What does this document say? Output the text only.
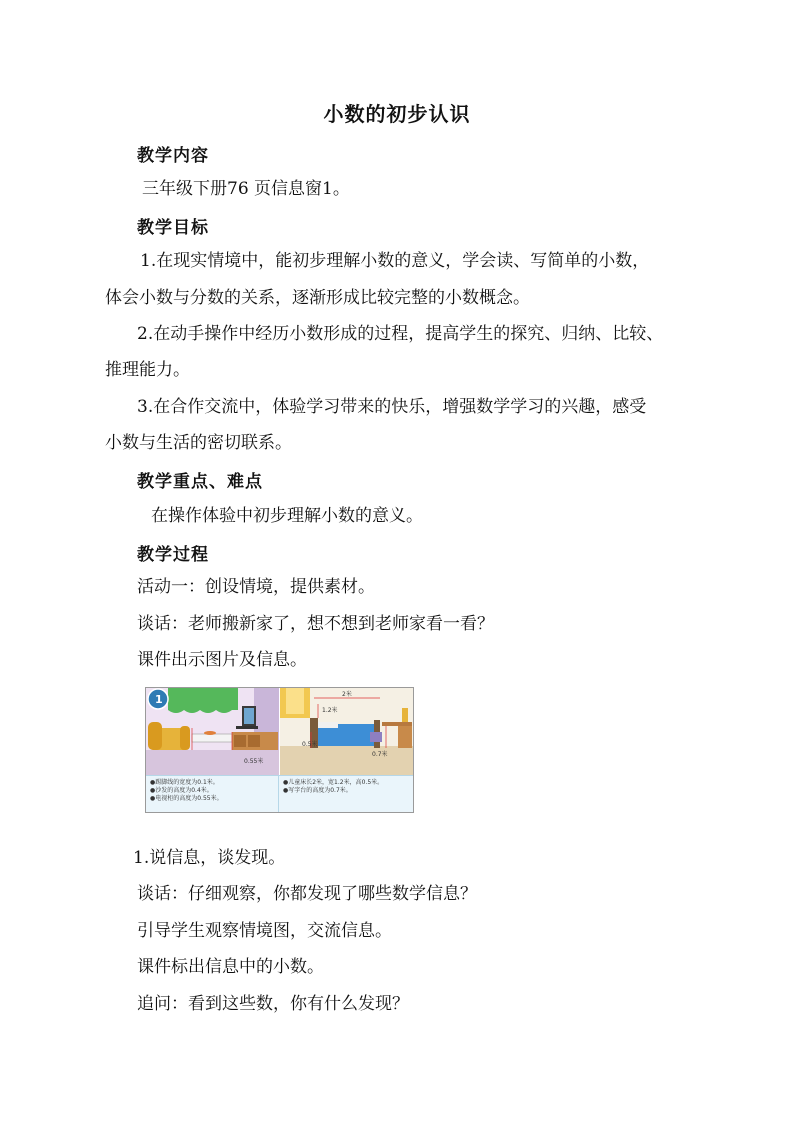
小数的初步认识
教学内容
三年级下册76 页信息窗1。
教学目标
1.在现实情境中，能初步理解小数的意义，学会读、写简单的小数，
体会小数与分数的关系，逐渐形成比较完整的小数概念。
2.在动手操作中经历小数形成的过程，提高学生的探究、归纳、比较、
推理能力。
3.在合作交流中，体验学习带来的快乐，增强数学学习的兴趣，感受
小数与生活的密切联系。
教学重点、难点
在操作体验中初步理解小数的意义。
教学过程
活动一：创设情境，提供素材。
谈话：老师搬新家了，想不想到老师家看一看？
课件出示图片及信息。
0.55米
2米
1.2米
0.5米
0.7米
1
●踢脚线的宽度为0.1米。
●沙发的高度为0.4米。
●电视柜的高度为0.55米。
●儿童床长2米，宽1.2米，高0.5米。
●写字台的高度为0.7米。
1.说信息，谈发现。
谈话：仔细观察，你都发现了哪些数学信息？
引导学生观察情境图，交流信息。
课件标出信息中的小数。
追问：看到这些数，你有什么发现？
